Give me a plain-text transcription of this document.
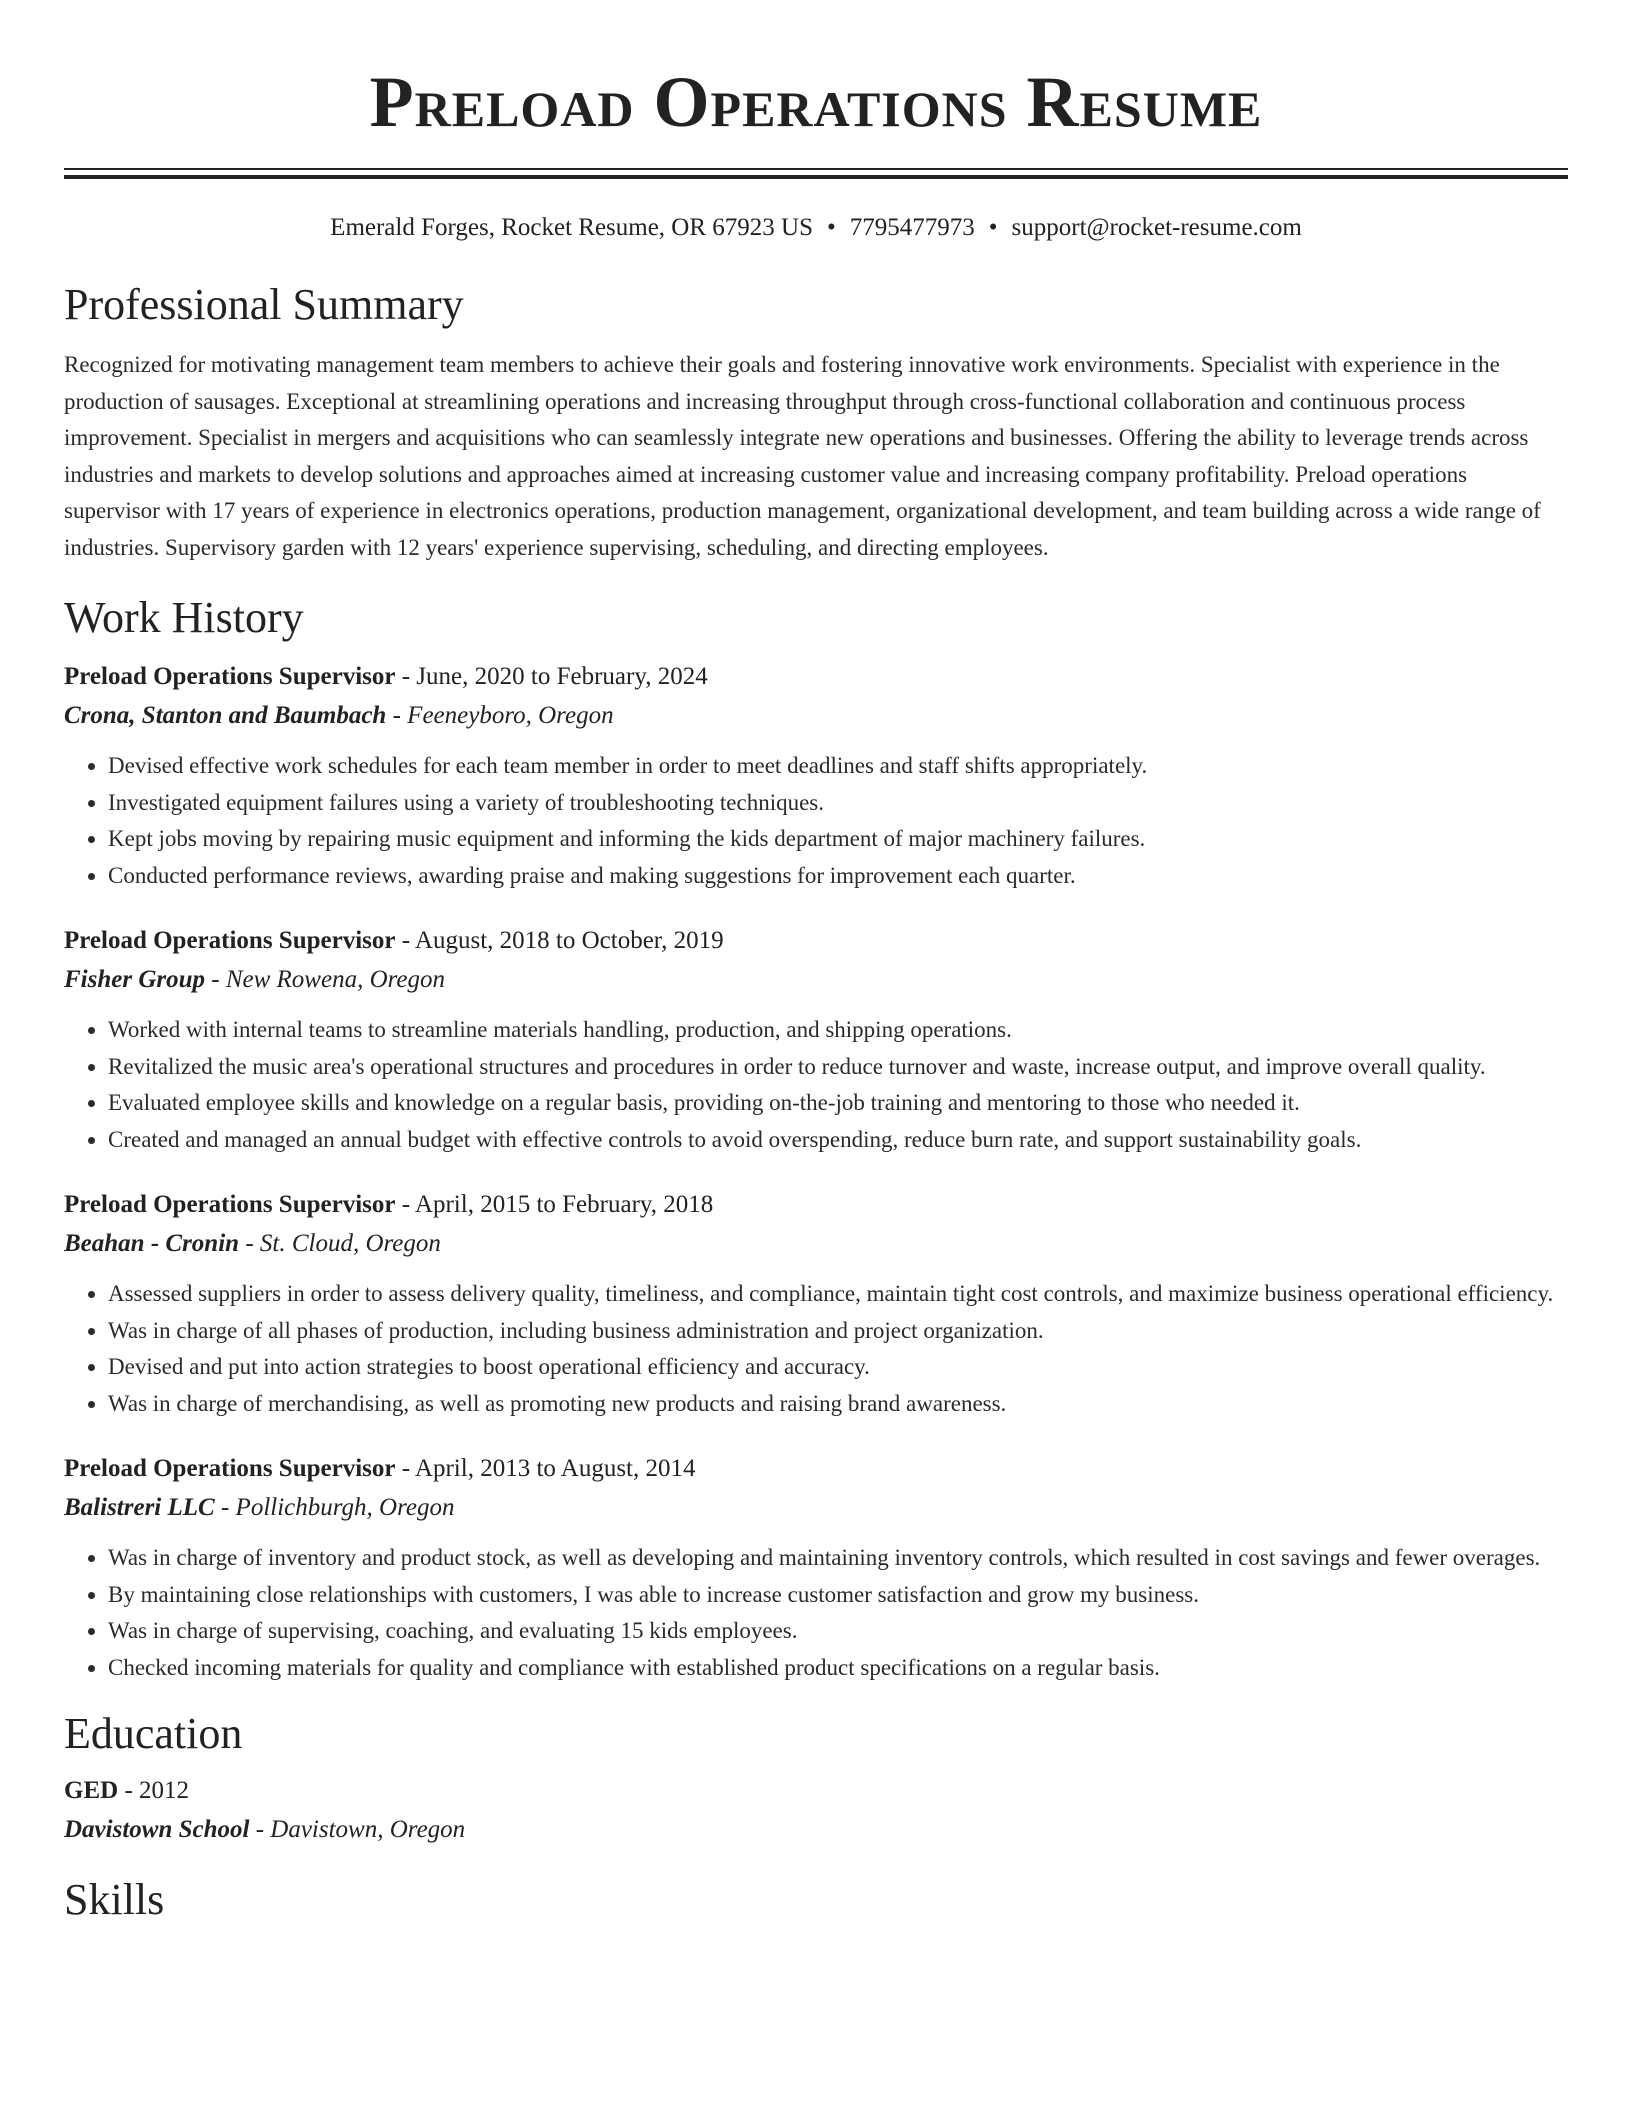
Preload Operations Resume
Emerald Forges, Rocket Resume, OR 67923 US • 7795477973 • support@rocket-resume.com
Professional Summary

Recognized for motivating management team members to achieve their goals and fostering innovative work environments. Specialist with experience in the production of sausages. Exceptional at streamlining operations and increasing throughput through cross-functional collaboration and continuous process improvement. Specialist in mergers and acquisitions who can seamlessly integrate new operations and businesses. Offering the ability to leverage trends across industries and markets to develop solutions and approaches aimed at increasing customer value and increasing company profitability. Preload operations supervisor with 17 years of experience in electronics operations, production management, organizational development, and team building across a wide range of industries. Supervisory garden with 12 years' experience supervising, scheduling, and directing employees.

Work History
Preload Operations Supervisor - June, 2020 to February, 2024
Crona, Stanton and Baumbach - Feeneyboro, Oregon
• Devised effective work schedules for each team member in order to meet deadlines and staff shifts appropriately.
• Investigated equipment failures using a variety of troubleshooting techniques.
• Kept jobs moving by repairing music equipment and informing the kids department of major machinery failures.
• Conducted performance reviews, awarding praise and making suggestions for improvement each quarter.
Preload Operations Supervisor - August, 2018 to October, 2019
Fisher Group - New Rowena, Oregon
• Worked with internal teams to streamline materials handling, production, and shipping operations.
• Revitalized the music area's operational structures and procedures in order to reduce turnover and waste, increase output, and improve overall quality.
• Evaluated employee skills and knowledge on a regular basis, providing on-the-job training and mentoring to those who needed it.
• Created and managed an annual budget with effective controls to avoid overspending, reduce burn rate, and support sustainability goals.
Preload Operations Supervisor - April, 2015 to February, 2018
Beahan - Cronin - St. Cloud, Oregon
• Assessed suppliers in order to assess delivery quality, timeliness, and compliance, maintain tight cost controls, and maximize business operational efficiency.
• Was in charge of all phases of production, including business administration and project organization.
• Devised and put into action strategies to boost operational efficiency and accuracy.
• Was in charge of merchandising, as well as promoting new products and raising brand awareness.
Preload Operations Supervisor - April, 2013 to August, 2014
Balistreri LLC - Pollichburgh, Oregon
• Was in charge of inventory and product stock, as well as developing and maintaining inventory controls, which resulted in cost savings and fewer overages.
• By maintaining close relationships with customers, I was able to increase customer satisfaction and grow my business.
• Was in charge of supervising, coaching, and evaluating 15 kids employees.
• Checked incoming materials for quality and compliance with established product specifications on a regular basis.
Education
GED - 2012
Davistown School - Davistown, Oregon
Skills
